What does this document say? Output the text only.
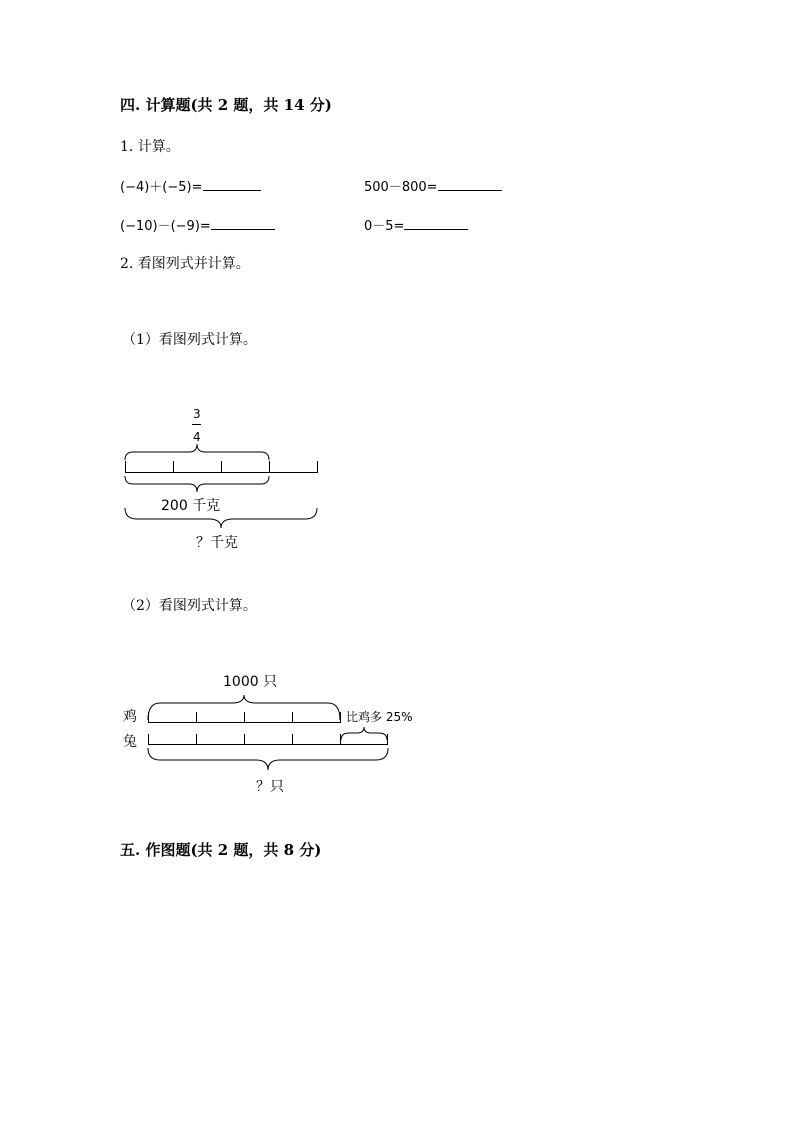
四. 计算题(共 2 题，共 14 分)
1. 计算。
(−4)＋(−5)=	500－800=
(−10)－(−9)=	0－5=
2. 看图列式并计算。
（1）看图列式计算。
3
4
200 千克
？千克
（2）看图列式计算。
1000 只
鸡
兔
比鸡多 25%
？只
五. 作图题(共 2 题，共 8 分)
